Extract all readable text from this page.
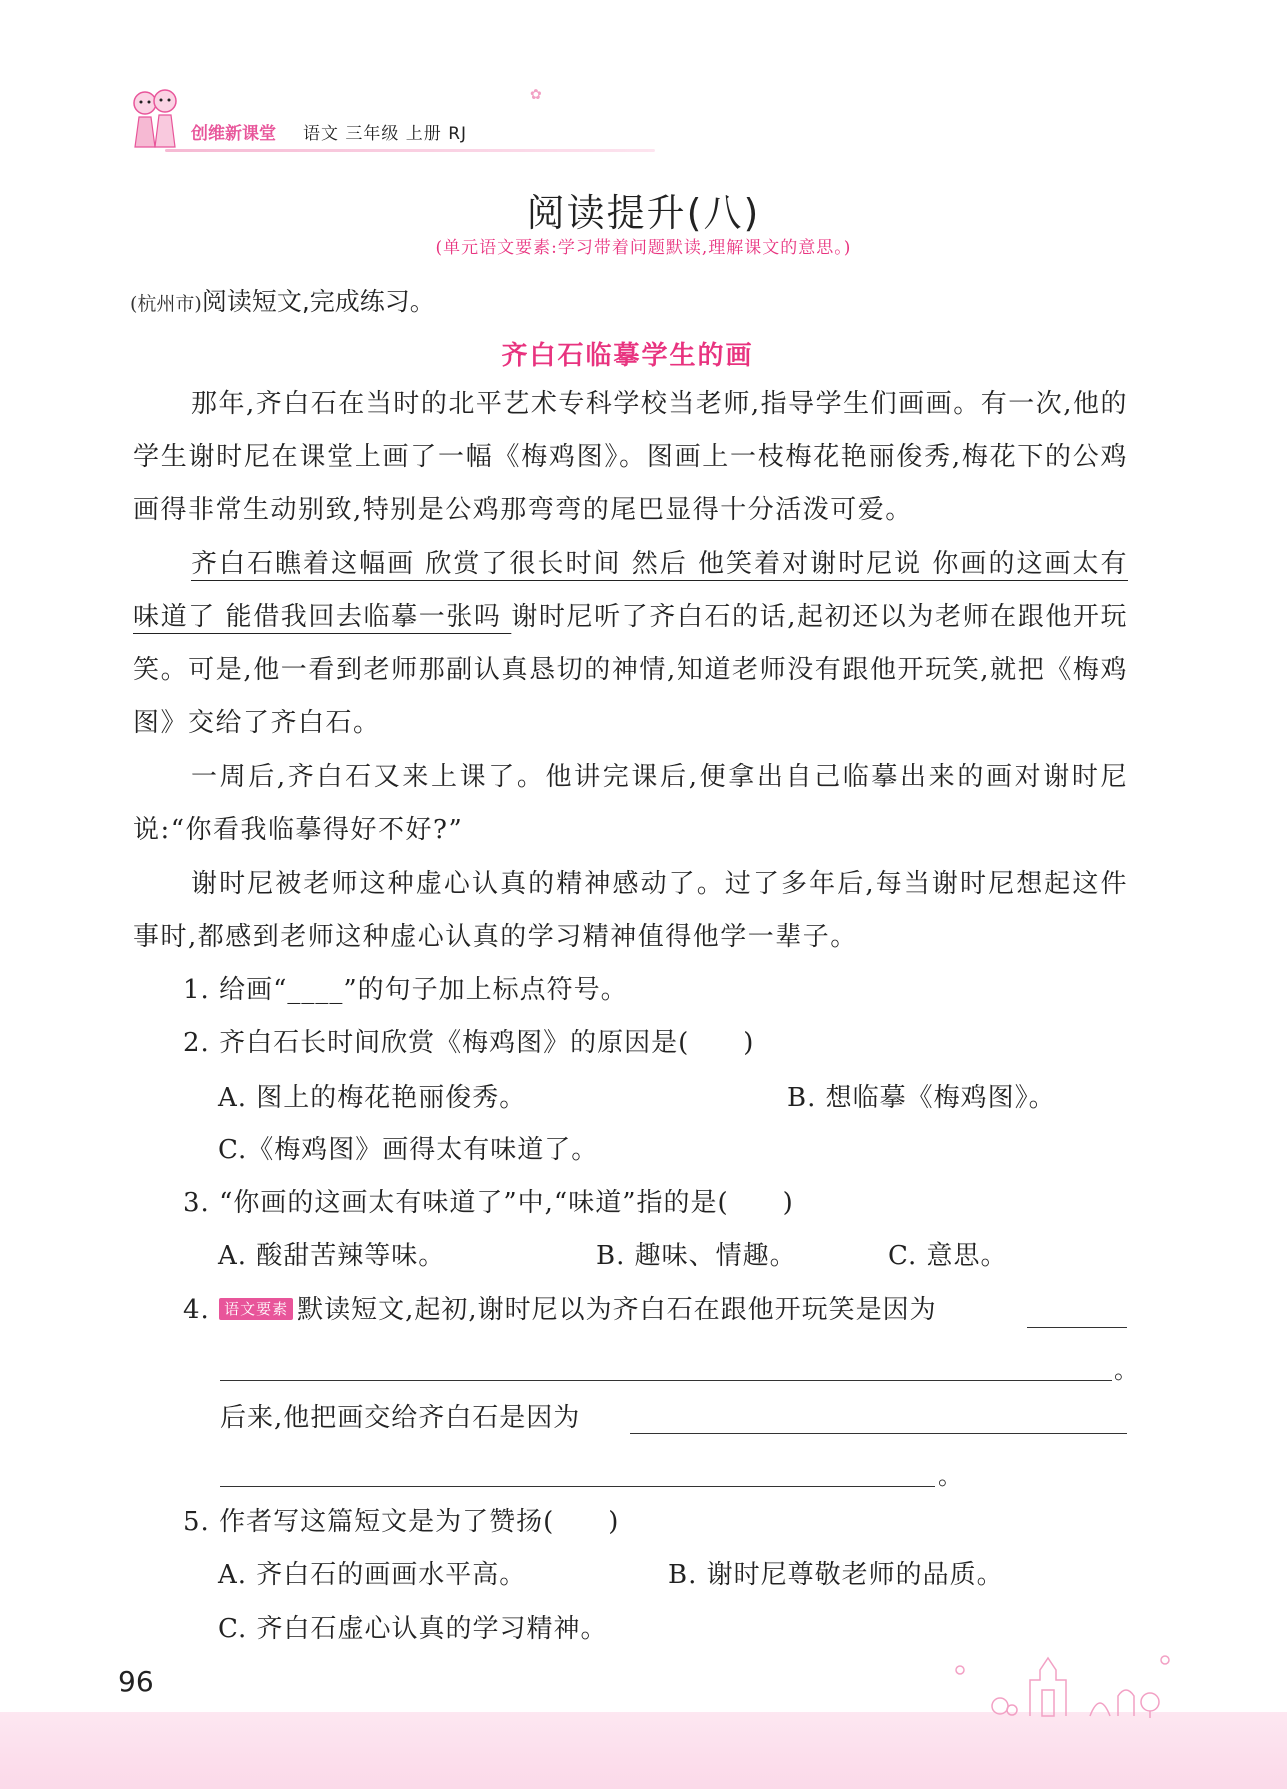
创维新课堂 语文 三年级 上册 RJ
✿
阅读提升(八)
(单元语文要素:学习带着问题默读,理解课文的意思。)
(杭州市)阅读短文,完成练习。
齐白石临摹学生的画

那年,齐白石在当时的北平艺术专科学校当老师,指导学生们画画。有一次,他的学生谢时尼在课堂上画了一幅《梅鸡图》。图画上一枝梅花艳丽俊秀,梅花下的公鸡画得非常生动别致,特别是公鸡那弯弯的尾巴显得十分活泼可爱。

齐白石瞧着这幅画 欣赏了很长时间 然后 他笑着对谢时尼说 你画的这画太有味道了 能借我回去临摹一张吗 谢时尼听了齐白石的话,起初还以为老师在跟他开玩笑。可是,他一看到老师那副认真恳切的神情,知道老师没有跟他开玩笑,就把《梅鸡图》交给了齐白石。

一周后,齐白石又来上课了。他讲完课后,便拿出自己临摹出来的画对谢时尼说:“你看我临摹得好不好?”

谢时尼被老师这种虚心认真的精神感动了。过了多年后,每当谢时尼想起这件事时,都感到老师这种虚心认真的学习精神值得他学一辈子。

1. 给画“____”的句子加上标点符号。
2. 齐白石长时间欣赏《梅鸡图》的原因是(　　)
A. 图上的梅花艳丽俊秀。	B. 想临摹《梅鸡图》。
C.《梅鸡图》画得太有味道了。
3. “你画的这画太有味道了”中,“味道”指的是(　　)
A. 酸甜苦辣等味。	B. 趣味、情趣。	C. 意思。
4. 语文要素 默读短文,起初,谢时尼以为齐白石在跟他开玩笑是因为
。
后来,他把画交给齐白石是因为
。
5. 作者写这篇短文是为了赞扬(　　)
A. 齐白石的画画水平高。	B. 谢时尼尊敬老师的品质。
C. 齐白石虚心认真的学习精神。
96
